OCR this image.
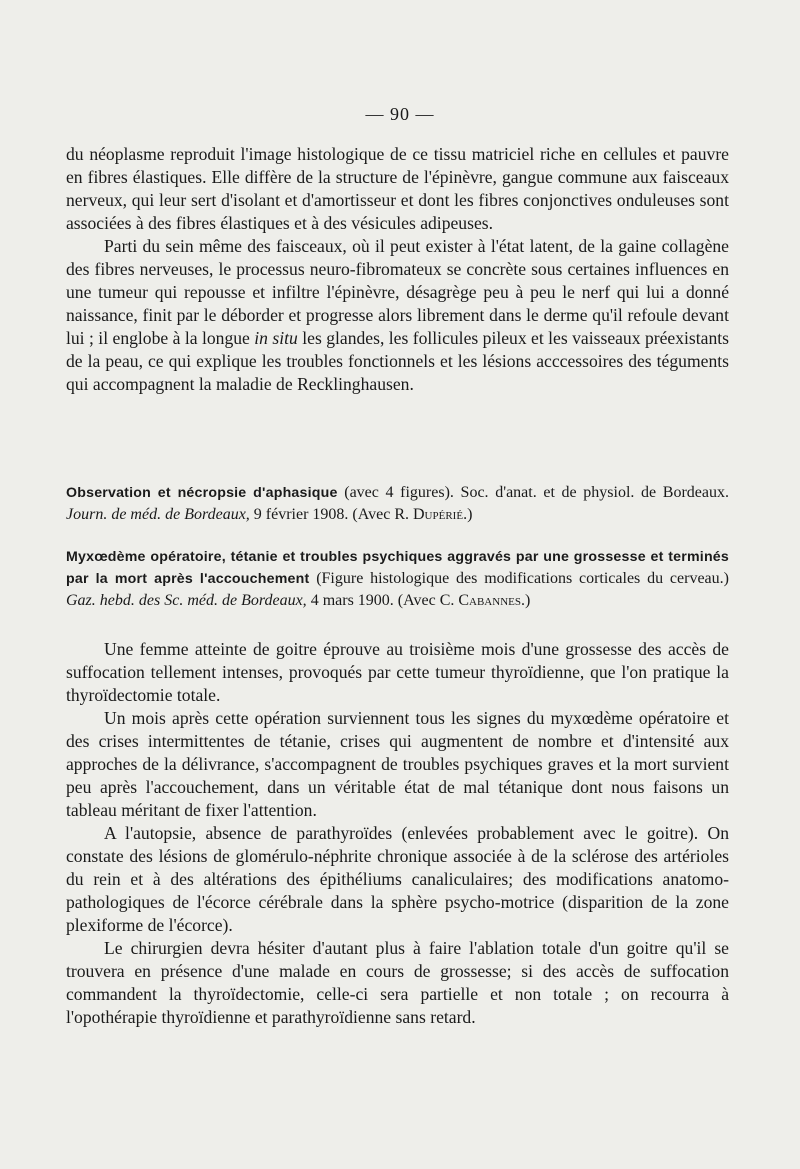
— 90 —

du néoplasme reproduit l'image histologique de ce tissu matriciel riche en cellules et pauvre en fibres élastiques. Elle diffère de la structure de l'épinèvre, gangue commune aux faisceaux nerveux, qui leur sert d'isolant et d'amortisseur et dont les fibres conjonctives onduleuses sont associées à des fibres élastiques et à des vésicules adipeuses.

Parti du sein même des faisceaux, où il peut exister à l'état latent, de la gaine collagène des fibres nerveuses, le processus neuro-fibromateux se concrète sous certaines influences en une tumeur qui repousse et infiltre l'épinèvre, désagrège peu à peu le nerf qui lui a donné naissance, finit par le déborder et progresse alors librement dans le derme qu'il refoule devant lui ; il englobe à la longue in situ les glandes, les follicules pileux et les vaisseaux préexistants de la peau, ce qui explique les troubles fonctionnels et les lésions acccessoires des téguments qui accompagnent la maladie de Recklinghausen.

Observation et nécropsie d'aphasique (avec 4 figures). Soc. d'anat. et de physiol. de Bordeaux. Journ. de méd. de Bordeaux, 9 février 1908. (Avec R. Dupérié.)
Myxœdème opératoire, tétanie et troubles psychiques aggravés par une grossesse et terminés par la mort après l'accouchement (Figure histologique des modifications corticales du cerveau.) Gaz. hebd. des Sc. méd. de Bordeaux, 4 mars 1900. (Avec C. Cabannes.)

Une femme atteinte de goitre éprouve au troisième mois d'une grossesse des accès de suffocation tellement intenses, provoqués par cette tumeur thyroïdienne, que l'on pratique la thyroïdectomie totale.

Un mois après cette opération surviennent tous les signes du myxœdème opératoire et des crises intermittentes de tétanie, crises qui augmentent de nombre et d'intensité aux approches de la délivrance, s'accompagnent de troubles psychiques graves et la mort survient peu après l'accouchement, dans un véritable état de mal tétanique dont nous faisons un tableau méritant de fixer l'attention.

A l'autopsie, absence de parathyroïdes (enlevées probablement avec le goitre). On constate des lésions de glomérulo-néphrite chronique associée à de la sclérose des artérioles du rein et à des altérations des épithéliums canaliculaires; des modifications anatomo-pathologiques de l'écorce cérébrale dans la sphère psycho-motrice (disparition de la zone plexiforme de l'écorce).

Le chirurgien devra hésiter d'autant plus à faire l'ablation totale d'un goitre qu'il se trouvera en présence d'une malade en cours de grossesse; si des accès de suffocation commandent la thyroïdectomie, celle-ci sera partielle et non totale ; on recourra à l'opothérapie thyroïdienne et parathyroïdienne sans retard.
